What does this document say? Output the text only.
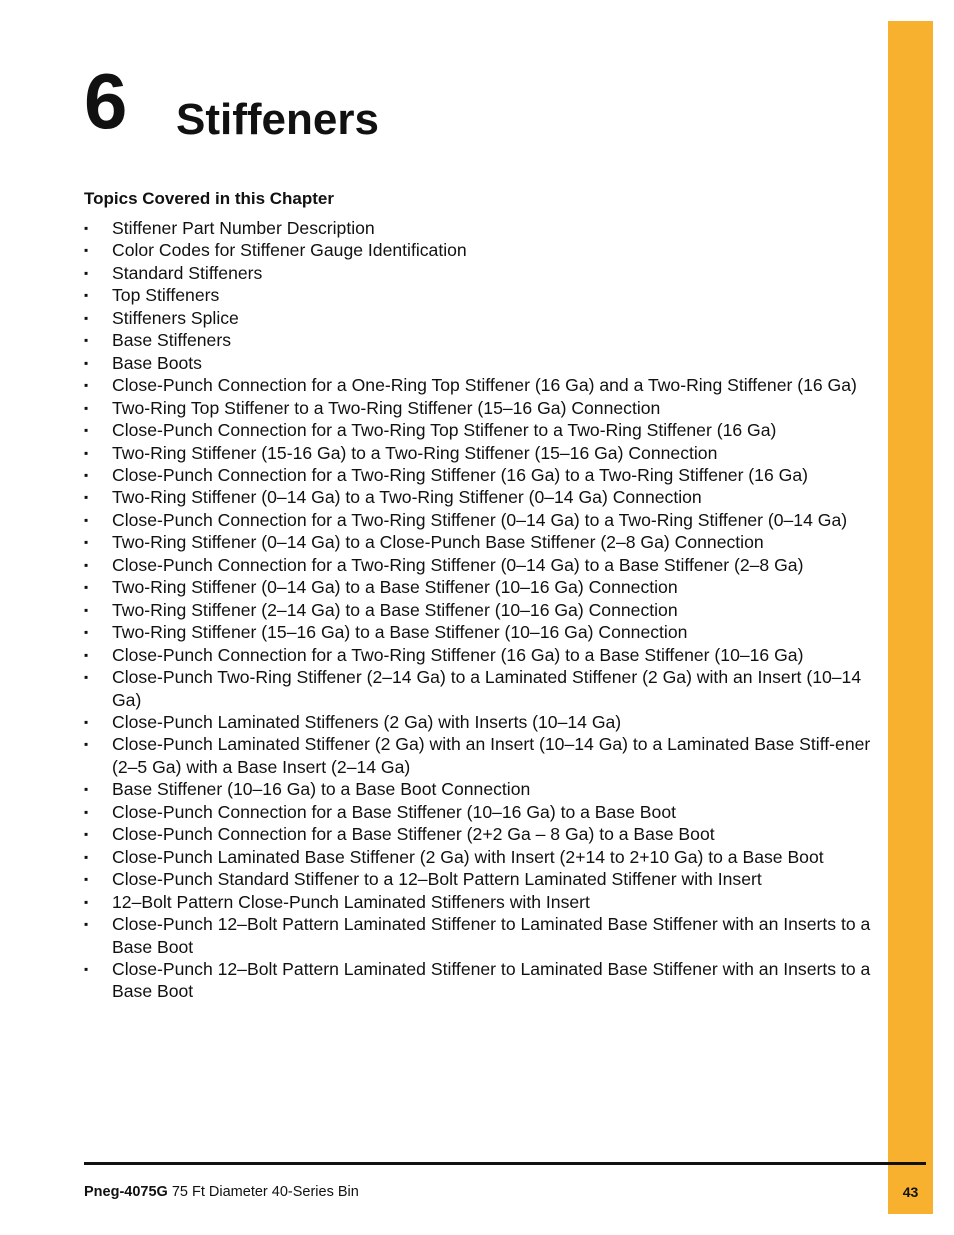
6 Stiffeners
Topics Covered in this Chapter
▪ Stiffener Part Number Description
▪ Color Codes for Stiffener Gauge Identification
▪ Standard Stiffeners
▪ Top Stiffeners
▪ Stiffeners Splice
▪ Base Stiffeners
▪ Base Boots
▪ Close-Punch Connection for a One-Ring Top Stiffener (16 Ga) and a Two-Ring Stiffener (16 Ga)
▪ Two-Ring Top Stiffener to a Two-Ring Stiffener (15–16 Ga) Connection
▪ Close-Punch Connection for a Two-Ring Top Stiffener to a Two-Ring Stiffener (16 Ga)
▪ Two-Ring Stiffener (15-16 Ga) to a Two-Ring Stiffener (15–16 Ga) Connection
▪ Close-Punch Connection for a Two-Ring Stiffener (16 Ga) to a Two-Ring Stiffener (16 Ga)
▪ Two-Ring Stiffener (0–14 Ga) to a Two-Ring Stiffener (0–14 Ga) Connection
▪ Close-Punch Connection for a Two-Ring Stiffener (0–14 Ga) to a Two-Ring Stiffener (0–14 Ga)
▪ Two-Ring Stiffener (0–14 Ga) to a Close-Punch Base Stiffener (2–8 Ga) Connection
▪ Close-Punch Connection for a Two-Ring Stiffener (0–14 Ga) to a Base Stiffener (2–8 Ga)
▪ Two-Ring Stiffener (0–14 Ga) to a Base Stiffener (10–16 Ga) Connection
▪ Two-Ring Stiffener (2–14 Ga) to a Base Stiffener (10–16 Ga) Connection
▪ Two-Ring Stiffener (15–16 Ga) to a Base Stiffener (10–16 Ga) Connection
▪ Close-Punch Connection for a Two-Ring Stiffener (16 Ga) to a Base Stiffener (10–16 Ga)
▪ Close-Punch Two-Ring Stiffener (2–14 Ga) to a Laminated Stiffener (2 Ga) with an Insert (10–14 Ga)
▪ Close-Punch Laminated Stiffeners (2 Ga) with Inserts (10–14 Ga)
▪ Close-Punch Laminated Stiffener (2 Ga) with an Insert (10–14 Ga) to a Laminated Base Stiff-ener (2–5 Ga) with a Base Insert (2–14 Ga)
▪ Base Stiffener (10–16 Ga) to a Base Boot Connection
▪ Close-Punch Connection for a Base Stiffener (10–16 Ga) to a Base Boot
▪ Close-Punch Connection for a Base Stiffener (2+2 Ga – 8 Ga) to a Base Boot
▪ Close-Punch Laminated Base Stiffener (2 Ga) with Insert (2+14 to 2+10 Ga) to a Base Boot
▪ Close-Punch Standard Stiffener to a 12–Bolt Pattern Laminated Stiffener with Insert
▪ 12–Bolt Pattern Close-Punch Laminated Stiffeners with Insert
▪ Close-Punch 12–Bolt Pattern Laminated Stiffener to Laminated Base Stiffener with an Inserts to a Base Boot
▪ Close-Punch 12–Bolt Pattern Laminated Stiffener to Laminated Base Stiffener with an Inserts to a Base Boot
Pneg-4075G 75 Ft Diameter 40-Series Bin	43
